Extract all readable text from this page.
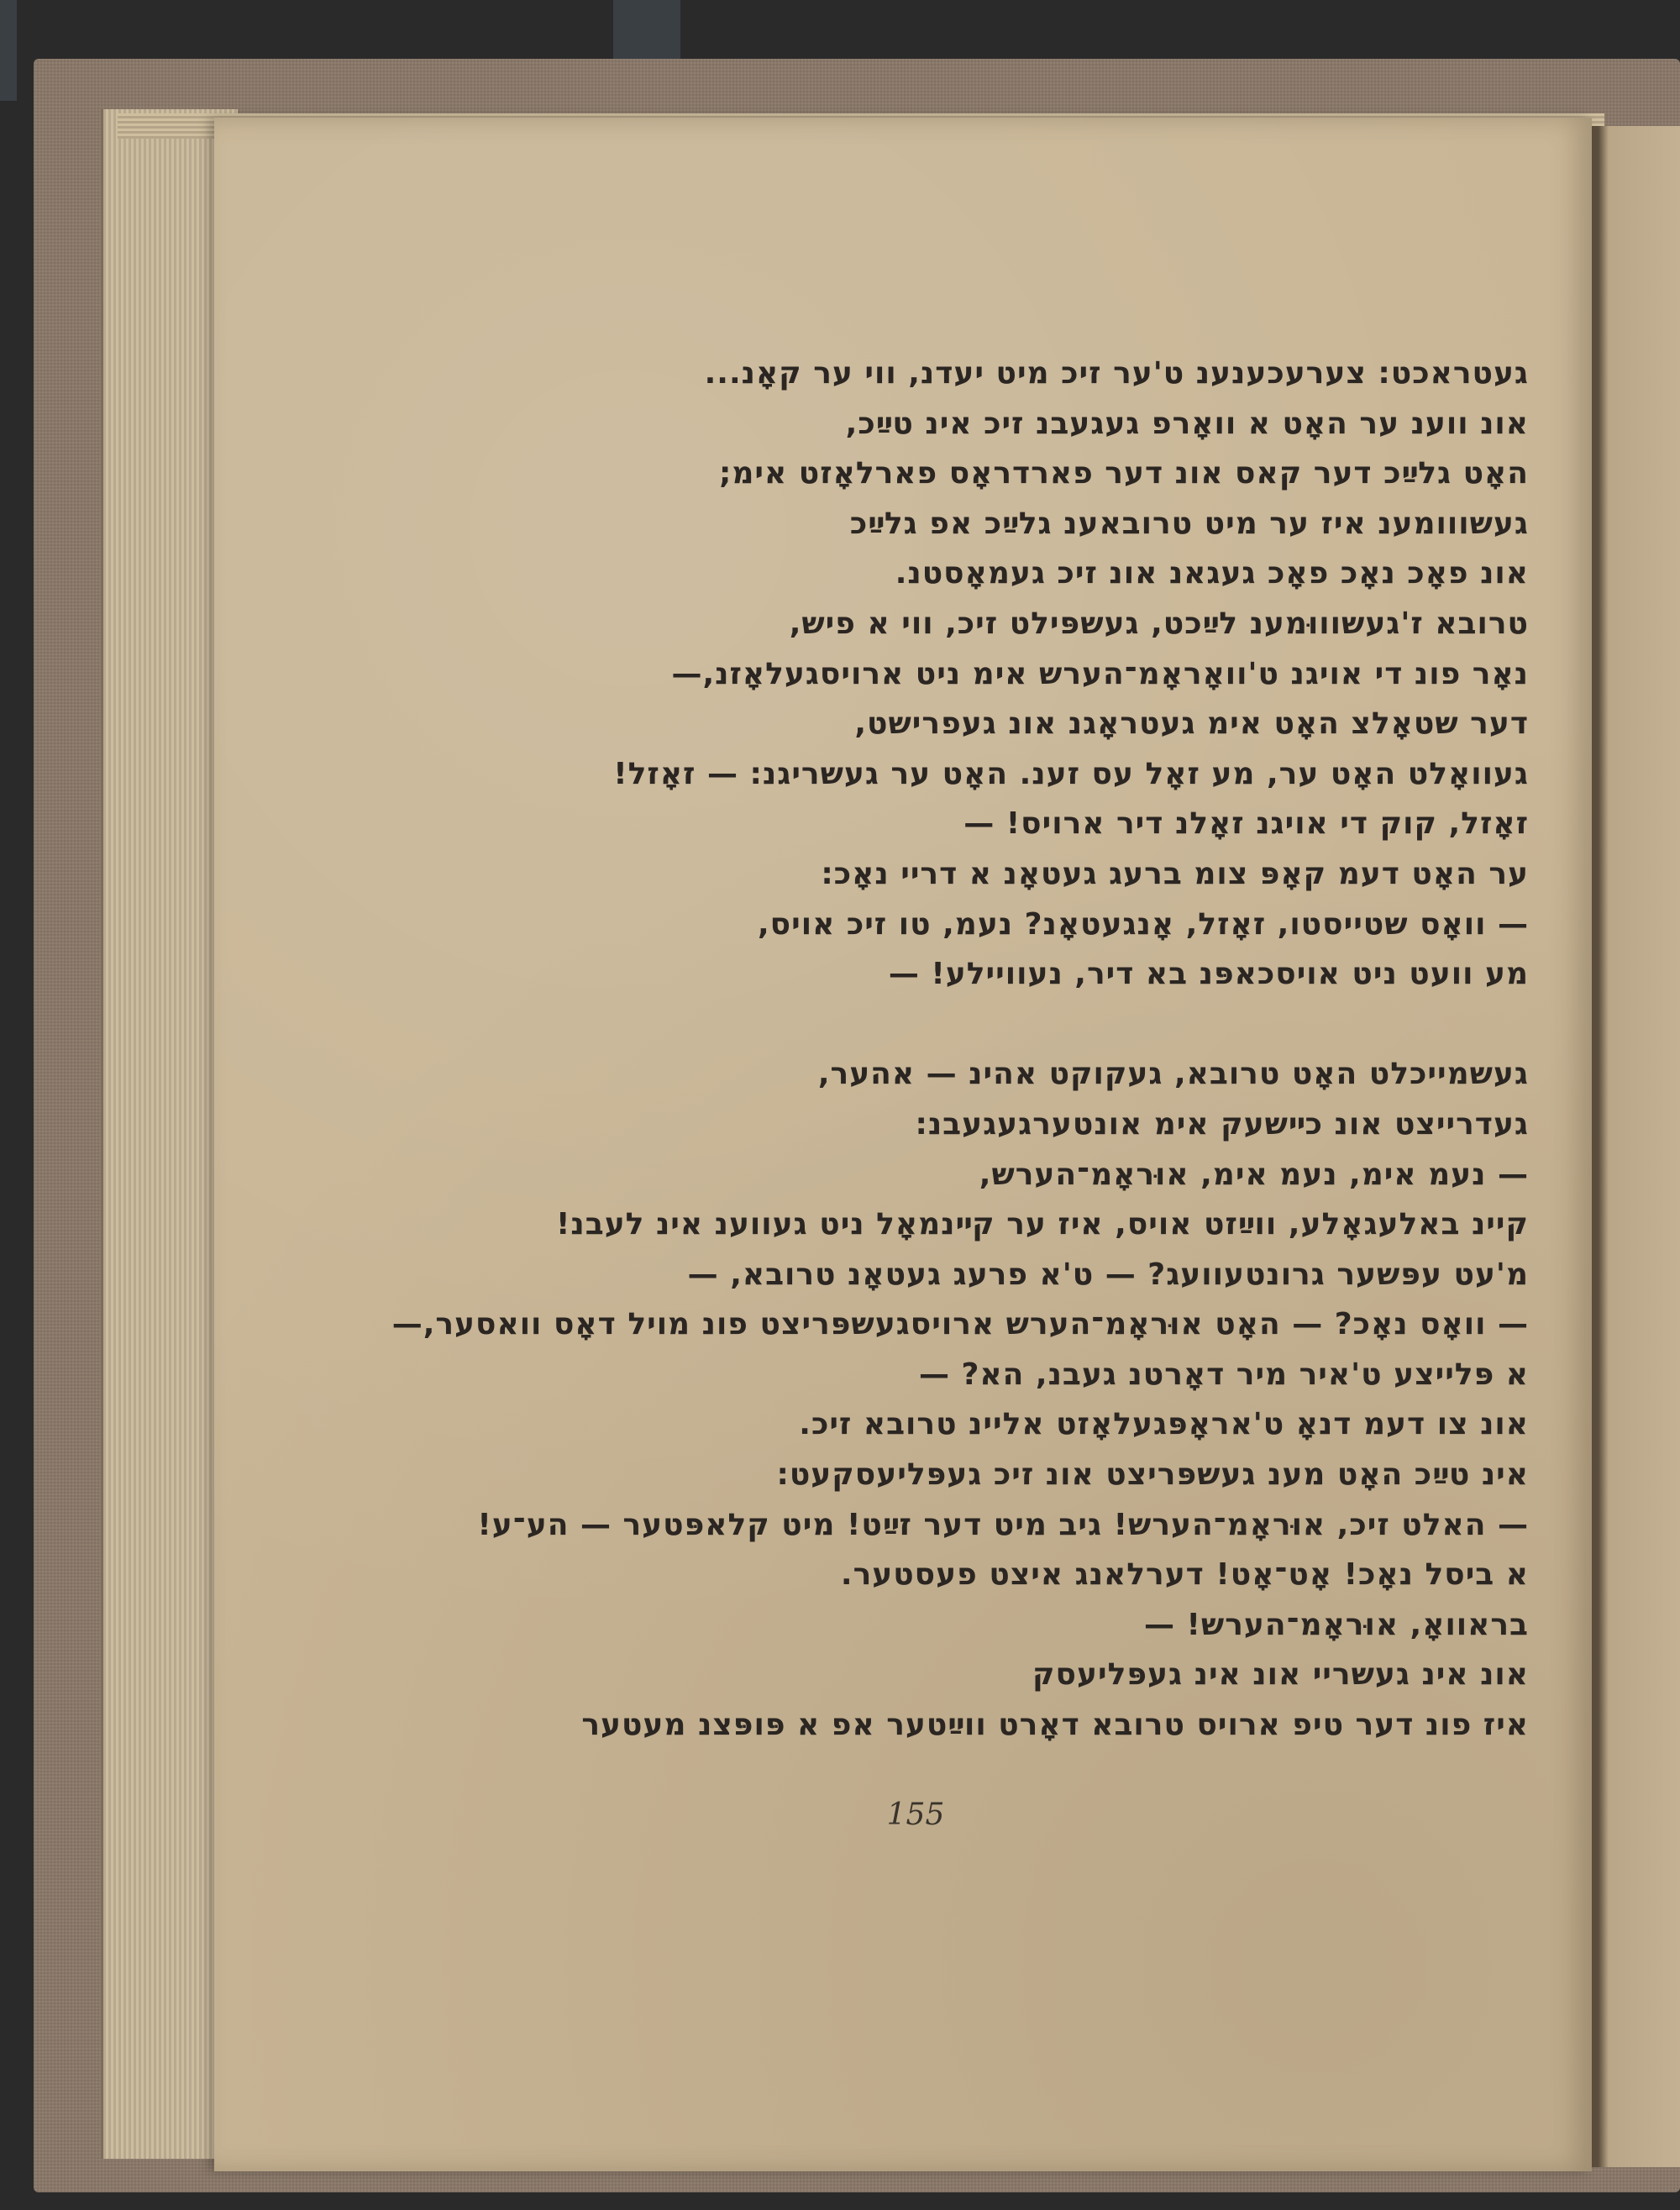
געטראכט: צערעכענענ ט'ער זיכ מיט יעדנ, ווי ער קאָנ...
אונ ווענ ער האָט א וואָרפ געגעבנ זיכ אינ טײַכ,
האָט גלײַכ דער קאס אונ דער פארדראָס פארלאָזט אימ;
געשווומענ איז ער מיט טרובאענ גלײַכ אפ גלײַכ
אונ פאָכ נאָכ פאָכ געגאנ אונ זיכ געמאָסטנ.
טרובא ז'געשוווּמענ לײַכט, געשפּילט זיכ, ווי א פיש,
נאָר פונ די אויגנ ט'וואָראָמ־הערש אימ ניט ארויסגעלאָזנ,—
דער שטאָלצ האָט אימ געטראָגנ אונ געפרישט,
געוואָלט האָט ער, מע זאָל עס זענ. האָט ער געשריגנ: — זאָזל!
זאָזל, קוק די אויגנ זאָלנ דיר ארויס! —
ער האָט דעמ קאָפּ צומ ברעג געטאָנ א דריי נאָכ:
— וואָס שטייסטו, זאָזל, אָנגעטאָנ? נעמ, טו זיכ אויס,
מע וועט ניט אויסכאפּנ בא דיר, נעוויילע! —
געשמייכלט האָט טרובא, געקוקט אהינ — אהער,
געדרייצט אונ כײשעק אימ אונטערגעגעבנ:
— נעמ אימ, נעמ אימ, אוּראָמ־הערש,
קיינ באלעגאָלע, ווײַזט אויס, איז ער קײנמאָל ניט געווענ אינ לעבנ!
מ'עט עפּשער גרונטעוועג? — ט'א פרעג געטאָנ טרובא, —
— וואָס נאָכ? — האָט אוּראָמ־הערש ארויסגעשפּריצט פונ מויל דאָס וואסער,—
א פּלייצע ט'איר מיר דאָרטנ געבנ, הא? —
אונ צו דעמ דנאָ ט'אראָפּגעלאָזט אליינ טרובא זיכ.
אינ טײַכ האָט מענ געשפּריצט אונ זיכ געפּליעסקעט:
— האלט זיכ, אוּראָמ־הערש! גיב מיט דער זײַט! מיט קלאפּטער — הע־ע!
א ביסל נאָכ! אָט־אָט! דערלאנג איצט פעסטער.
בראוואָ, אוּראָמ־הערש! —
אונ אינ געשריי אונ אינ געפּליעסק
איז פונ דער טיפ ארויס טרובא דאָרט ווײַטער אפ א פּופּצנ מעטער
155
